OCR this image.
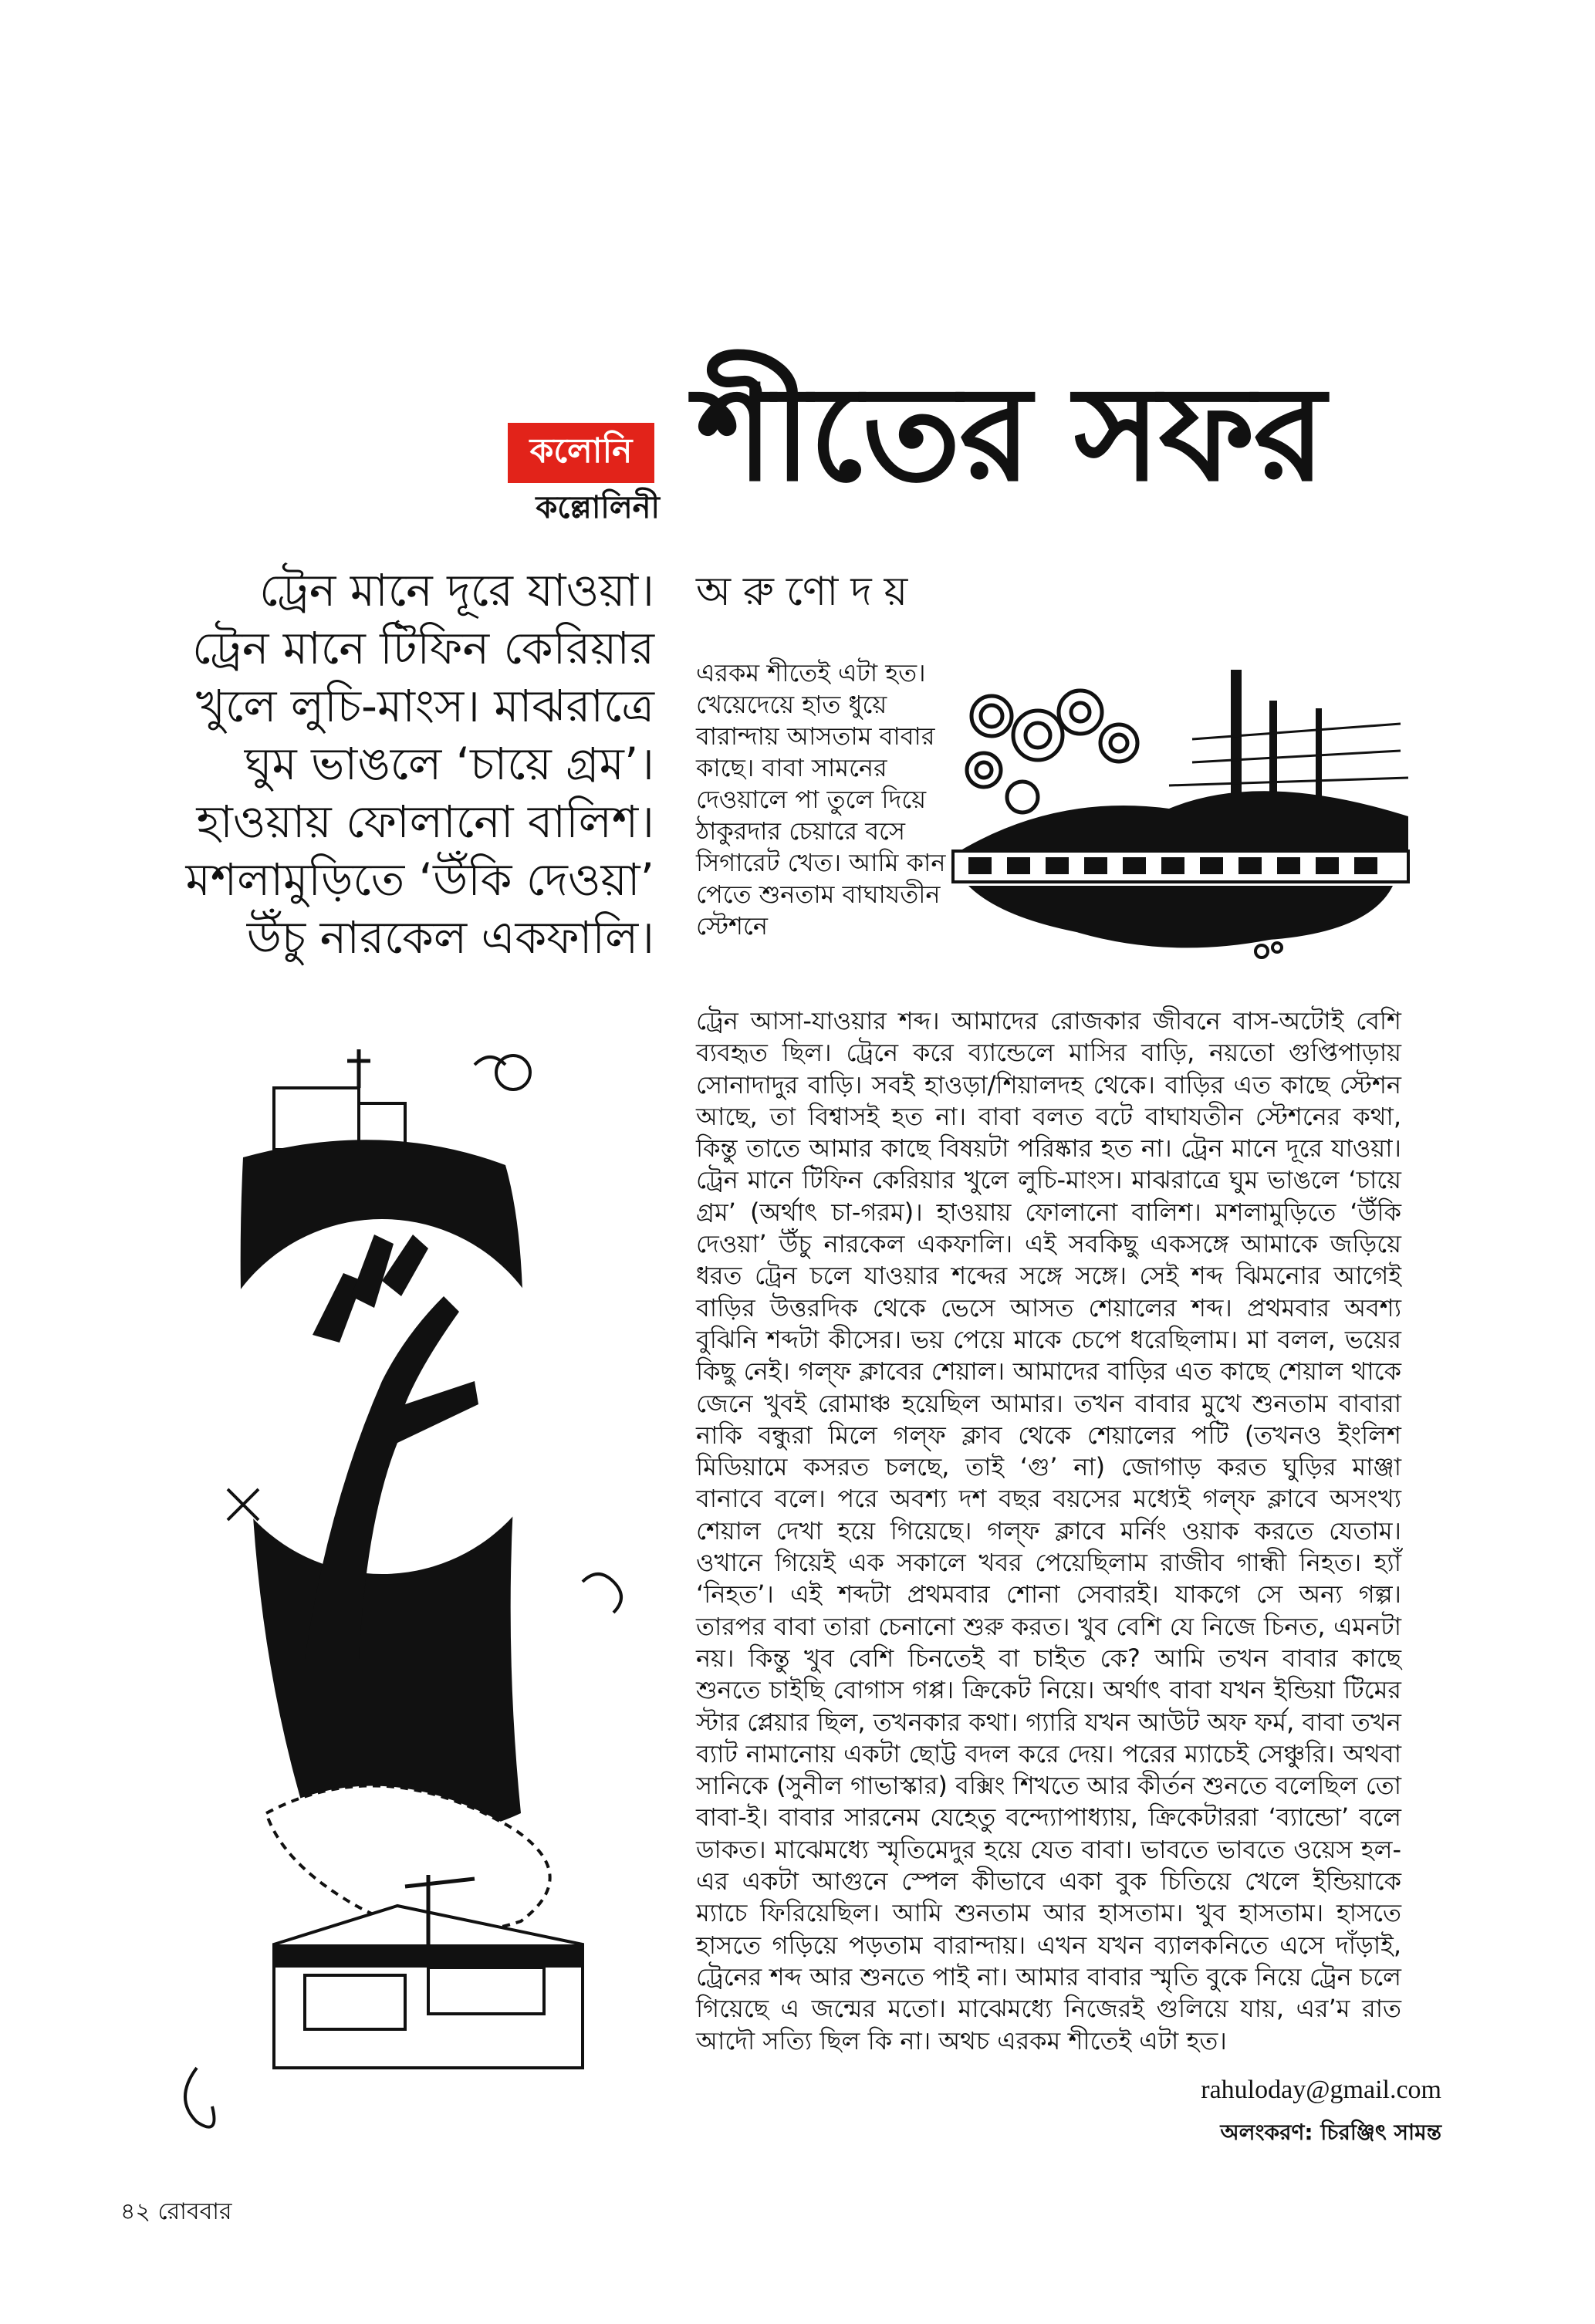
কলোনি
কল্লোলিনী শীতের সফর
ট্রেন মানে দূরে যাওয়া। ট্রেন মানে টিফিন কেরিয়ার খুলে লুচি-মাংস। মাঝরাত্রে ঘুম ভাঙলে ‘চায়ে গ্রম’। হাওয়ায় ফোলানো বালিশ। মশলামুড়িতে ‘উঁকি দেওয়া’ উঁচু নারকেল একফালি।
অরুণোদয়
এরকম শীতেই এটা হত। খেয়েদেয়ে হাত ধুয়ে বারান্দায় আসতাম বাবার কাছে। বাবা সামনের দেওয়ালে পা তুলে দিয়ে ঠাকুরদার চেয়ারে বসে সিগারেট খেত। আমি কান পেতে শুনতাম বাঘাযতীন স্টেশনে
ট্রেন আসা-যাওয়ার শব্দ। আমাদের রোজকার জীবনে বাস-অটোই বেশি ব্যবহৃত ছিল। ট্রেনে করে ব্যান্ডেলে মাসির বাড়ি, নয়তো গুপ্তিপাড়ায় সোনাদাদুর বাড়ি। সবই হাওড়া/শিয়ালদহ থেকে। বাড়ির এত কাছে স্টেশন আছে, তা বিশ্বাসই হত না। বাবা বলত বটে বাঘাযতীন স্টেশনের কথা, কিন্তু তাতে আমার কাছে বিষয়টা পরিষ্কার হত না। ট্রেন মানে দূরে যাওয়া। ট্রেন মানে টিফিন কেরিয়ার খুলে লুচি-মাংস। মাঝরাত্রে ঘুম ভাঙলে ‘চায়ে গ্রম’ (অর্থাৎ চা-গরম)। হাওয়ায় ফোলানো বালিশ। মশলামুড়িতে ‘উঁকি দেওয়া’ উঁচু নারকেল একফালি। এই সবকিছু একসঙ্গে আমাকে জড়িয়ে ধরত ট্রেন চলে যাওয়ার শব্দের সঙ্গে সঙ্গে। সেই শব্দ ঝিমনোর আগেই বাড়ির উত্তরদিক থেকে ভেসে আসত শেয়ালের শব্দ। প্রথমবার অবশ্য বুঝিনি শব্দটা কীসের। ভয় পেয়ে মাকে চেপে ধরেছিলাম। মা বলল, ভয়ের কিছু নেই। গল্‌ফ ক্লাবের শেয়াল। আমাদের বাড়ির এত কাছে শেয়াল থাকে জেনে খুবই রোমাঞ্চ হয়েছিল আমার। তখন বাবার মুখে শুনতাম বাবারা নাকি বন্ধুরা মিলে গল্‌ফ ক্লাব থেকে শেয়ালের পটি (তখনও ইংলিশ মিডিয়ামে কসরত চলছে, তাই ‘গু’ না) জোগাড় করত ঘুড়ির মাঞ্জা বানাবে বলে। পরে অবশ্য দশ বছর বয়সের মধ্যেই গল্‌ফ ক্লাবে অসংখ্য শেয়াল দেখা হয়ে গিয়েছে। গল্‌ফ ক্লাবে মর্নিং ওয়াক করতে যেতাম। ওখানে গিয়েই এক সকালে খবর পেয়েছিলাম রাজীব গান্ধী নিহত। হ্যাঁ ‘নিহত’। এই শব্দটা প্রথমবার শোনা সেবারই। যাকগে সে অন্য গল্প। তারপর বাবা তারা চেনানো শুরু করত। খুব বেশি যে নিজে চিনত, এমনটা নয়। কিন্তু খুব বেশি চিনতেই বা চাইত কে? আমি তখন বাবার কাছে শুনতে চাইছি বোগাস গপ্প। ক্রিকেট নিয়ে। অর্থাৎ বাবা যখন ইন্ডিয়া টিমের স্টার প্লেয়ার ছিল, তখনকার কথা। গ্যারি যখন আউট অফ ফর্ম, বাবা তখন ব্যাট নামানোয় একটা ছোট্ট বদল করে দেয়। পরের ম্যাচেই সেঞ্চুরি। অথবা সানিকে (সুনীল গাভাস্কার) বক্সিং শিখতে আর কীর্তন শুনতে বলেছিল তো বাবা-ই। বাবার সারনেম যেহেতু বন্দ্যোপাধ্যায়, ক্রিকেটাররা ‘ব্যান্ডো’ বলে ডাকত। মাঝেমধ্যে স্মৃতিমেদুর হয়ে যেত বাবা। ভাবতে ভাবতে ওয়েস হল-এর একটা আগুনে স্পেল কীভাবে একা বুক চিতিয়ে খেলে ইন্ডিয়াকে ম্যাচে ফিরিয়েছিল। আমি শুনতাম আর হাসতাম। খুব হাসতাম। হাসতে হাসতে গড়িয়ে পড়তাম বারান্দায়। এখন যখন ব্যালকনিতে এসে দাঁড়াই, ট্রেনের শব্দ আর শুনতে পাই না। আমার বাবার স্মৃতি বুকে নিয়ে ট্রেন চলে গিয়েছে এ জন্মের মতো। মাঝেমধ্যে নিজেরই গুলিয়ে যায়, এর’ম রাত আদৌ সত্যি ছিল কি না। অথচ এরকম শীতেই এটা হত।
rahuloday@gmail.com
অলংকরণ: চিরঞ্জিৎ সামন্ত
৪২ রোববার
